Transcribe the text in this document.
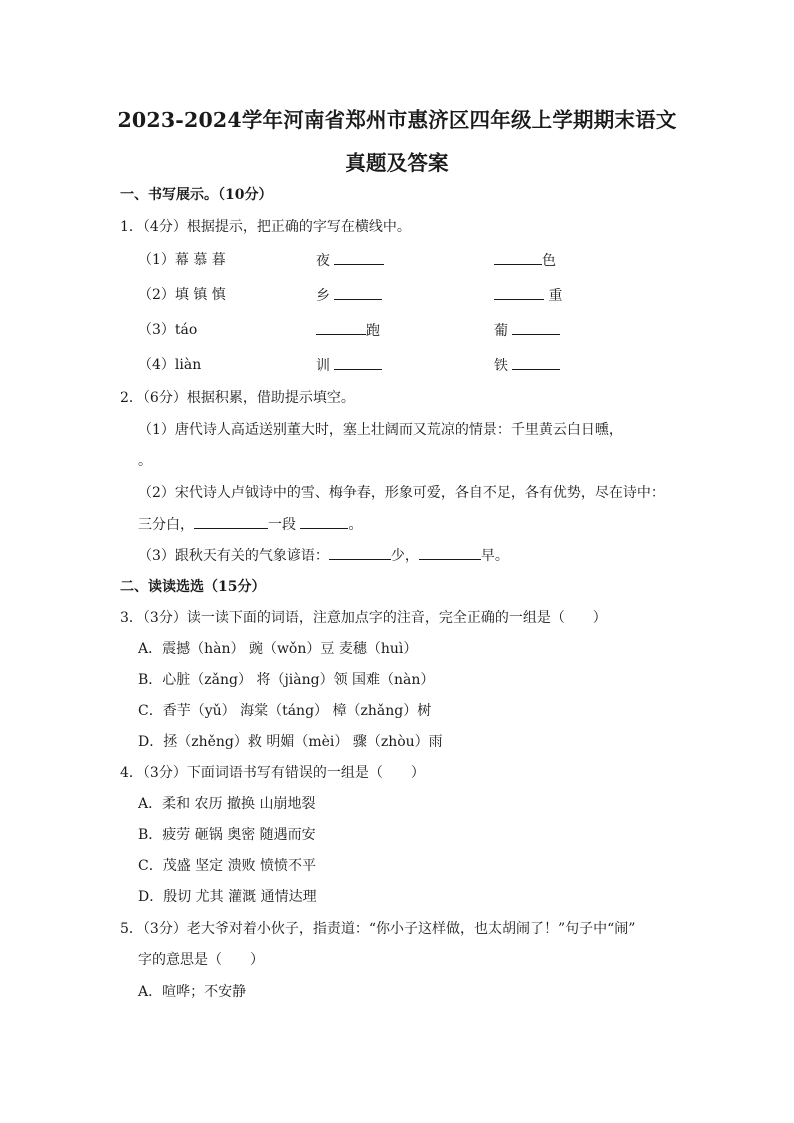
2023-2024学年河南省郑州市惠济区四年级上学期期末语文
真题及答案
一、书写展示。（10分）
1．（4分）根据提示，把正确的字写在横线中。
（1）幕 慕 暮	夜	色
（2）填 镇 慎	乡	重
（3）táo	跑	葡
（4）liàn	训	铁
2．（6分）根据积累，借助提示填空。
（1）唐代诗人高适送别董大时，塞上壮阔而又荒凉的情景：千里黄云白日曛，
。
（2）宋代诗人卢钺诗中的雪、梅争春，形象可爱，各自不足，各有优势，尽在诗中：
三分白，	一段	。
（3）跟秋天有关的气象谚语：	少，	早。
二、读读选选（15分）
3．（3分）读一读下面的词语，注意加点字的注音，完全正确的一组是（　　）
A．震撼（hàn） 豌（wǒn）豆 麦穗（huì）
B．心脏（zǎng） 将（jiàng）领 国难（nàn）
C．香芋（yǔ） 海棠（táng） 樟（zhǎng）树
D．拯（zhěng）救 明媚（mèi） 骤（zhòu）雨
4．（3分）下面词语书写有错误的一组是（　　）
A．柔和 农历 撤换 山崩地裂
B．疲劳 砸锅 奥密 随遇而安
C．茂盛 坚定 溃败 愤愤不平
D．殷切 尤其 灌溉 通情达理
5．（3分）老大爷对着小伙子，指责道：“你小子这样做，也太胡闹了！”句子中“闹”
字的意思是（　　）
A．喧哗；不安静
